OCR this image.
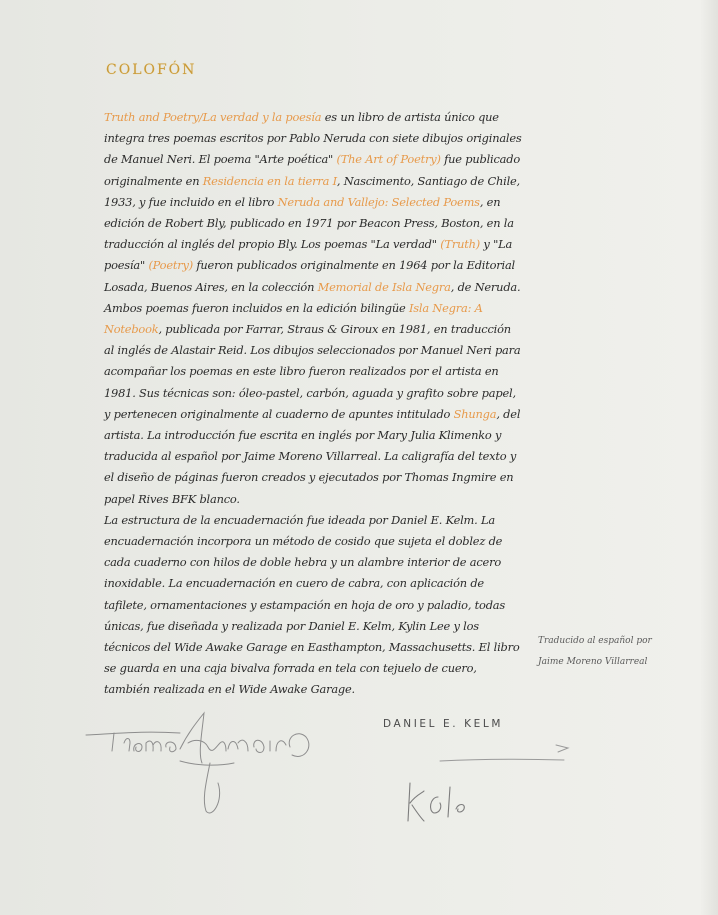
COLOFÓN

Truth and Poetry/La verdad y la poesía es un libro de artista único que integra tres poemas escritos por Pablo Neruda con siete dibujos originales de Manuel Neri. El poema "Arte poética" (The Art of Poetry) fue publicado originalmente en Residencia en la tierra I, Nascimento, Santiago de Chile, 1933, y fue incluido en el libro Neruda and Vallejo: Selected Poems, en edición de Robert Bly, publicado en 1971 por Beacon Press, Boston, en la traducción al inglés del propio Bly. Los poemas "La verdad" (Truth) y "La poesía" (Poetry) fueron publicados originalmente en 1964 por la Editorial Losada, Buenos Aires, en la colección Memorial de Isla Negra, de Neruda. Ambos poemas fueron incluidos en la edición bilingüe Isla Negra: A Notebook, publicada por Farrar, Straus & Giroux en 1981, en traducción al inglés de Alastair Reid. Los dibujos seleccionados por Manuel Neri para acompañar los poemas en este libro fueron realizados por el artista en 1981. Sus técnicas son: óleo-pastel, carbón, aguada y grafito sobre papel, y pertenecen originalmente al cuaderno de apuntes intitulado Shunga, del artista. La introducción fue escrita en inglés por Mary Julia Klimenko y traducida al español por Jaime Moreno Villarreal. La caligrafía del texto y el diseño de páginas fueron creados y ejecutados por Thomas Ingmire en papel Rives BFK blanco.

La estructura de la encuadernación fue ideada por Daniel E. Kelm. La encuadernación incorpora un método de cosido que sujeta el doblez de cada cuaderno con hilos de doble hebra y un alambre interior de acero inoxidable. La encuadernación en cuero de cabra, con aplicación de tafilete, ornamentaciones y estampación en hoja de oro y paladio, todas únicas, fue diseñada y realizada por Daniel E. Kelm, Kylin Lee y los técnicos del Wide Awake Garage en Easthampton, Massachusetts. El libro se guarda en una caja bivalva forrada en tela con tejuelo de cuero, también realizada en el Wide Awake Garage.

Traducido al español por
Jaime Moreno Villarreal
DANIEL E. KELM
